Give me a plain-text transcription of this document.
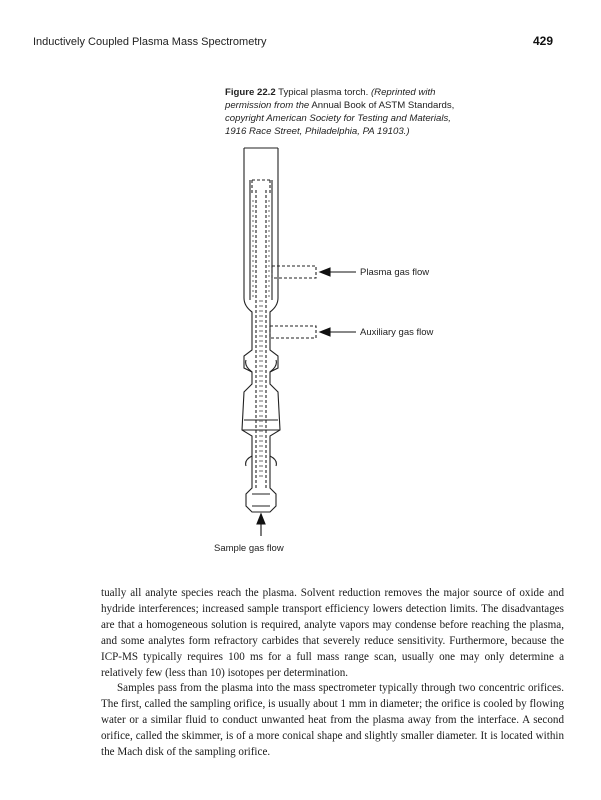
Inductively Coupled Plasma Mass Spectrometry	429
Figure 22.2 Typical plasma torch. (Reprinted with permission from the Annual Book of ASTM Standards, copyright American Society for Testing and Materials, 1916 Race Street, Philadelphia, PA 19103.)
Plasma gas flow
Auxiliary gas flow
Sample gas flow

tually all analyte species reach the plasma. Solvent reduction removes the major source of oxide and hydride interferences; increased sample transport efficiency lowers detection limits. The disadvantages are that a homogeneous solution is required, analyte vapors may condense before reaching the plasma, and some analytes form refractory carbides that severely reduce sensitivity. Furthermore, because the ICP-MS typically requires 100 ms for a full mass range scan, usually one may only determine a relatively few (less than 10) isotopes per determination.

Samples pass from the plasma into the mass spectrometer typically through two concentric orifices. The first, called the sampling orifice, is usually about 1 mm in diameter; the orifice is cooled by flowing water or a similar fluid to conduct unwanted heat from the plasma away from the interface. A second orifice, called the skimmer, is of a more conical shape and slightly smaller diameter. It is located within the Mach disk of the sampling orifice.
